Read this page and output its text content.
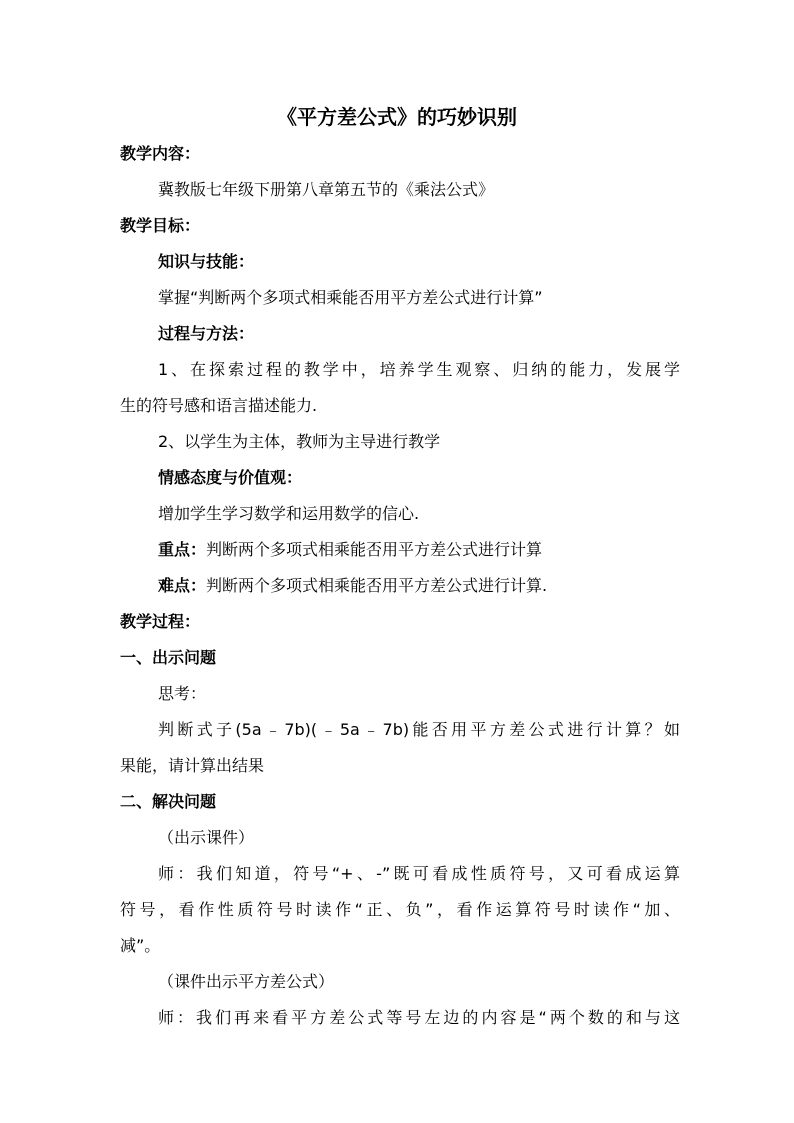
《平方差公式》的巧妙识别
教学内容：
冀教版七年级下册第八章第五节的《乘法公式》
教学目标：
知识与技能：
掌握“判断两个多项式相乘能否用平方差公式进行计算”
过程与方法：
1、在探索过程的教学中，培养学生观察、归纳的能力，发展学
生的符号感和语言描述能力.
2、以学生为主体，教师为主导进行教学
情感态度与价值观：
增加学生学习数学和运用数学的信心.
重点：判断两个多项式相乘能否用平方差公式进行计算
难点：判断两个多项式相乘能否用平方差公式进行计算.
教学过程：
一、出示问题
思考：
判断式子(5a﹣7b)(﹣5a﹣7b)能否用平方差公式进行计算？如
果能，请计算出结果
二、解决问题
（出示课件）
师：我们知道，符号“+、-”既可看成性质符号，又可看成运算
符号，看作性质符号时读作“正、负”，看作运算符号时读作“加、
减”。
（课件出示平方差公式）
师：我们再来看平方差公式等号左边的内容是“两个数的和与这
